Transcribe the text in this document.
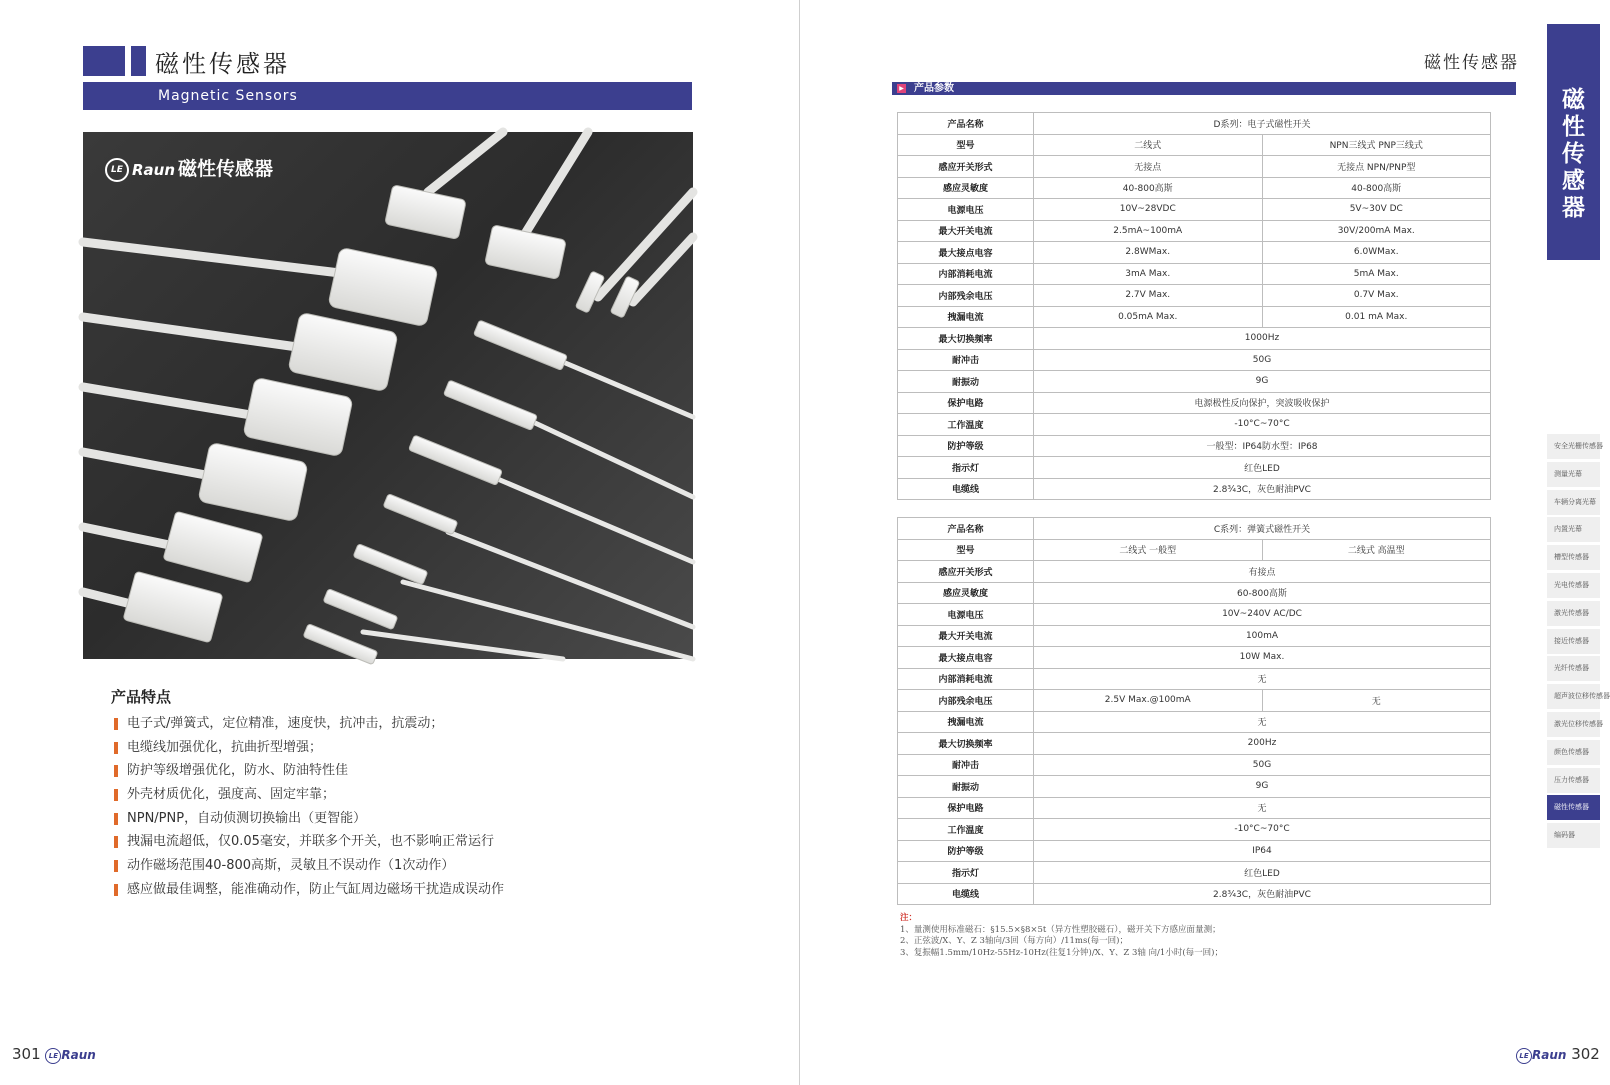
磁性传感器
Magnetic Sensors
LE Raun 磁性传感器
产品特点
电子式/弹簧式，定位精准，速度快，抗冲击，抗震动；
电缆线加强优化，抗曲折型增强；
防护等级增强优化，防水、防油特性佳
外壳材质优化，强度高、固定牢靠；
NPN/PNP，自动侦测切换输出（更智能）
拽漏电流超低，仅0.05毫安，并联多个开关，也不影响正常运行
动作磁场范围40-800高斯，灵敏且不误动作（1次动作）
感应做最佳调整，能准确动作，防止气缸周边磁场干扰造成误动作
301 LE Raun
磁性传感器
▶ 产品参数
产品名称	D系列：电子式磁性开关	
型号	二线式	NPN三线式 PNP三线式
感应开关形式	无接点	无接点 NPN/PNP型
感应灵敏度	40-800高斯	40-800高斯
电源电压	10V~28VDC	5V~30V DC
最大开关电流	2.5mA~100mA	30V/200mA Max.
最大接点电容	2.8WMax.	6.0WMax.
内部消耗电流	3mA Max.	5mA Max.
内部残余电压	2.7V Max.	0.7V Max.
拽漏电流	0.05mA Max.	0.01 mA Max.
最大切换频率	1000Hz	
耐冲击	50G	
耐振动	9G	
保护电路	电源极性反向保护，突波吸收保护	
工作温度	-10°C~70°C	
防护等级	一般型：IP64防水型：IP68	
指示灯	红色LED	
电缆线	2.8¾3C，灰色耐油PVC	
产品名称	C系列：弹簧式磁性开关	
型号	二线式 一般型	二线式 高温型
感应开关形式	有接点	
感应灵敏度	60-800高斯	
电源电压	10V~240V AC/DC	
最大开关电流	100mA	
最大接点电容	10W Max.	
内部消耗电流	无	
内部残余电压	2.5V Max.@100mA	无
拽漏电流	无	
最大切换频率	200Hz	
耐冲击	50G	
耐振动	9G	
保护电路	无	
工作温度	-10°C~70°C	
防护等级	IP64	
指示灯	红色LED	
电缆线	2.8¾3C，灰色耐油PVC	
注：
1、量测使用标准磁石：§15.5×§8×5t（异方性塑胶磁石），磁开关下方感应面量测；
2、正弦波/X、Y、Z 3轴向/3回（每方向）/11ms(每一回)；
3、复振幅1.5mm/10Hz-55Hz-10Hz(往复1分钟)/X、Y、Z 3轴 向/1小时(每一回)；
磁
性
传
感
器
安全光栅传感器
测量光幕
车辆分离光幕
内置光幕
槽型传感器
光电传感器
激光传感器
接近传感器
光纤传感器
超声波位移传感器
激光位移传感器
颜色传感器
压力传感器
磁性传感器
编码器
LE Raun 302
